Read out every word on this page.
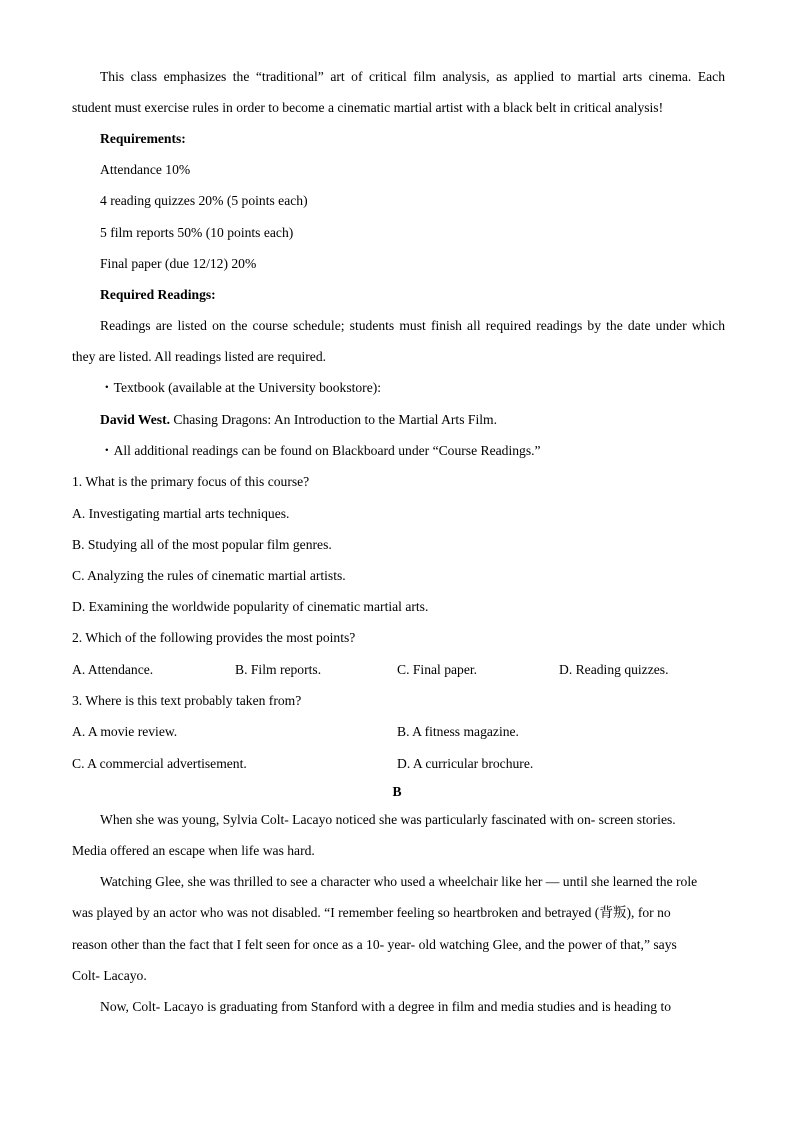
This class emphasizes the “traditional” art of critical film analysis, as applied to martial arts cinema. Each
student must exercise rules in order to become a cinematic martial artist with a black belt in critical analysis!
Requirements:
Attendance 10%
4 reading quizzes 20% (5 points each)
5 film reports 50% (10 points each)
Final paper (due 12/12) 20%
Required Readings:
Readings are listed on the course schedule; students must finish all required readings by the date under which
they are listed. All readings listed are required.
・Textbook (available at the University bookstore):
David West. Chasing Dragons: An Introduction to the Martial Arts Film.
・All additional readings can be found on Blackboard under “Course Readings.”
1. What is the primary focus of this course?
A. Investigating martial arts techniques.
B. Studying all of the most popular film genres.
C. Analyzing the rules of cinematic martial artists.
D. Examining the worldwide popularity of cinematic martial arts.
2. Which of the following provides the most points?
A. Attendance.	B. Film reports.	C. Final paper.	D. Reading quizzes.
3. Where is this text probably taken from?
A. A movie review.	B. A fitness magazine.
C. A commercial advertisement.	D. A curricular brochure.
B
When she was young, Sylvia Colt- Lacayo noticed she was particularly fascinated with on- screen stories.
Media offered an escape when life was hard.
Watching Glee, she was thrilled to see a character who used a wheelchair like her — until she learned the role
was played by an actor who was not disabled. “I remember feeling so heartbroken and betrayed (背叛), for no
reason other than the fact that I felt seen for once as a 10- year- old watching Glee, and the power of that,” says
Colt- Lacayo.
Now, Colt- Lacayo is graduating from Stanford with a degree in film and media studies and is heading to
